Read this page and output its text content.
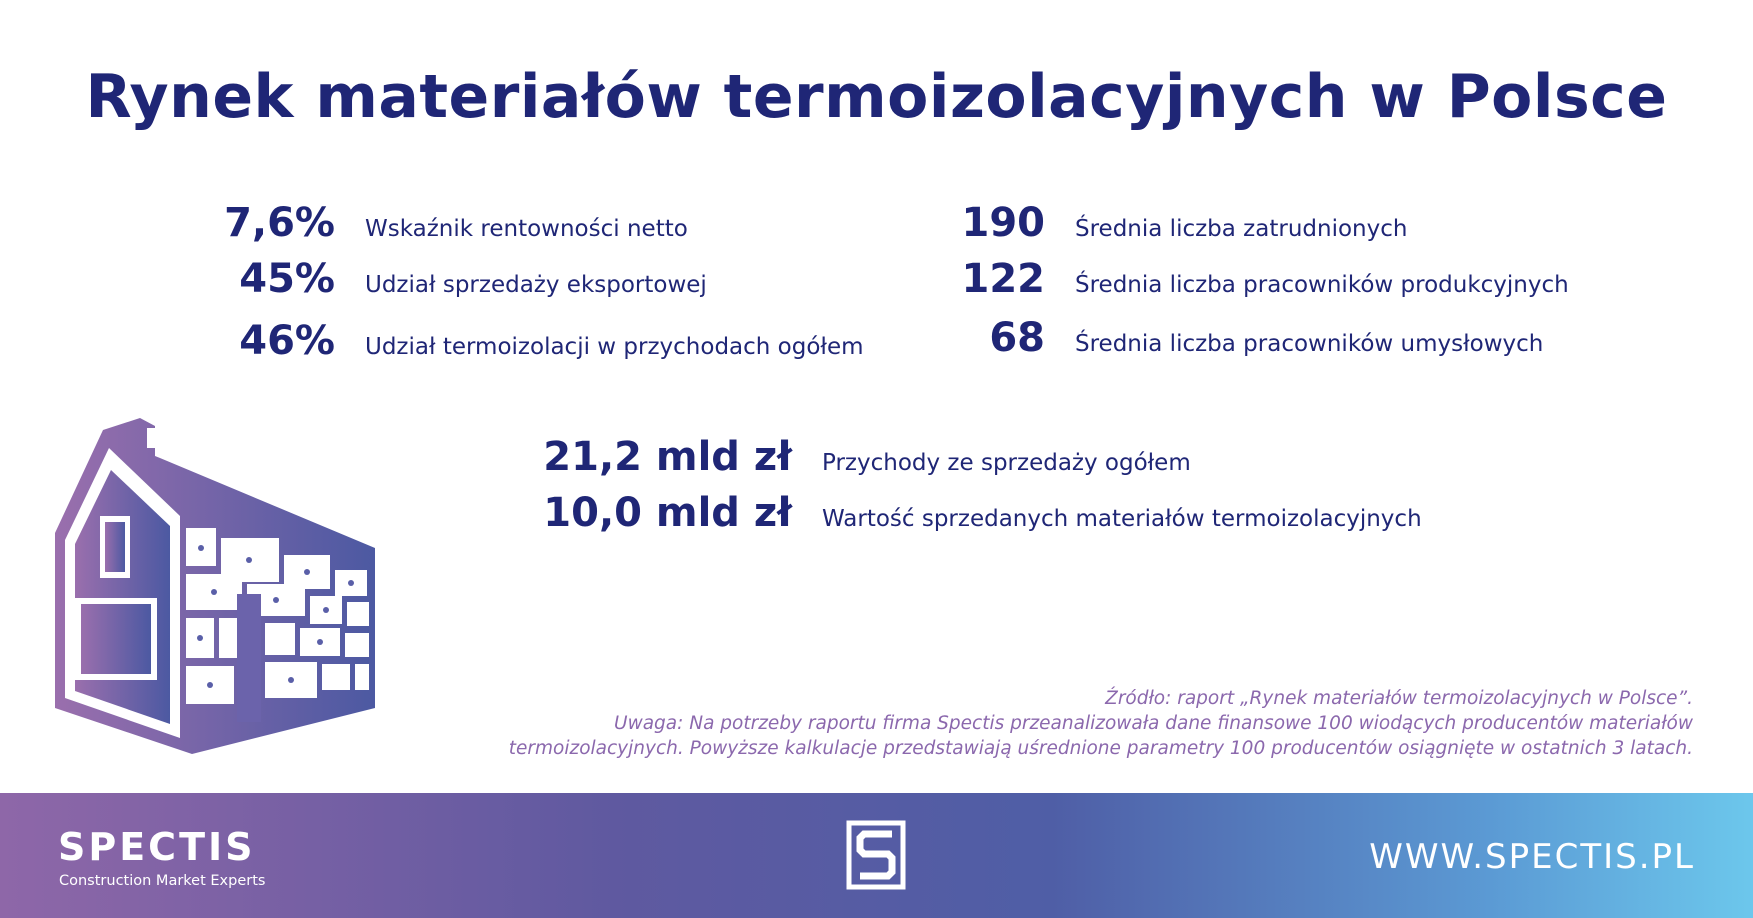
Rynek materiałów termoizolacyjnych w Polsce
7,6% Wskaźnik rentowności netto
45% Udział sprzedaży eksportowej
46% Udział termoizolacji w przychodach ogółem
190 Średnia liczba zatrudnionych
122 Średnia liczba pracowników produkcyjnych
68 Średnia liczba pracowników umysłowych
21,2 mld zł Przychody ze sprzedaży ogółem
10,0 mld zł Wartość sprzedanych materiałów termoizolacyjnych
Źródło: raport „Rynek materiałów termoizolacyjnych w Polsce”.
Uwaga: Na potrzeby raportu firma Spectis przeanalizowała dane finansowe 100 wiodących producentów materiałów
termoizolacyjnych. Powyższe kalkulacje przedstawiają uśrednione parametry 100 producentów osiągnięte w ostatnich 3 latach.
SPECTIS
Construction Market Experts
WWW.SPECTIS.PL
